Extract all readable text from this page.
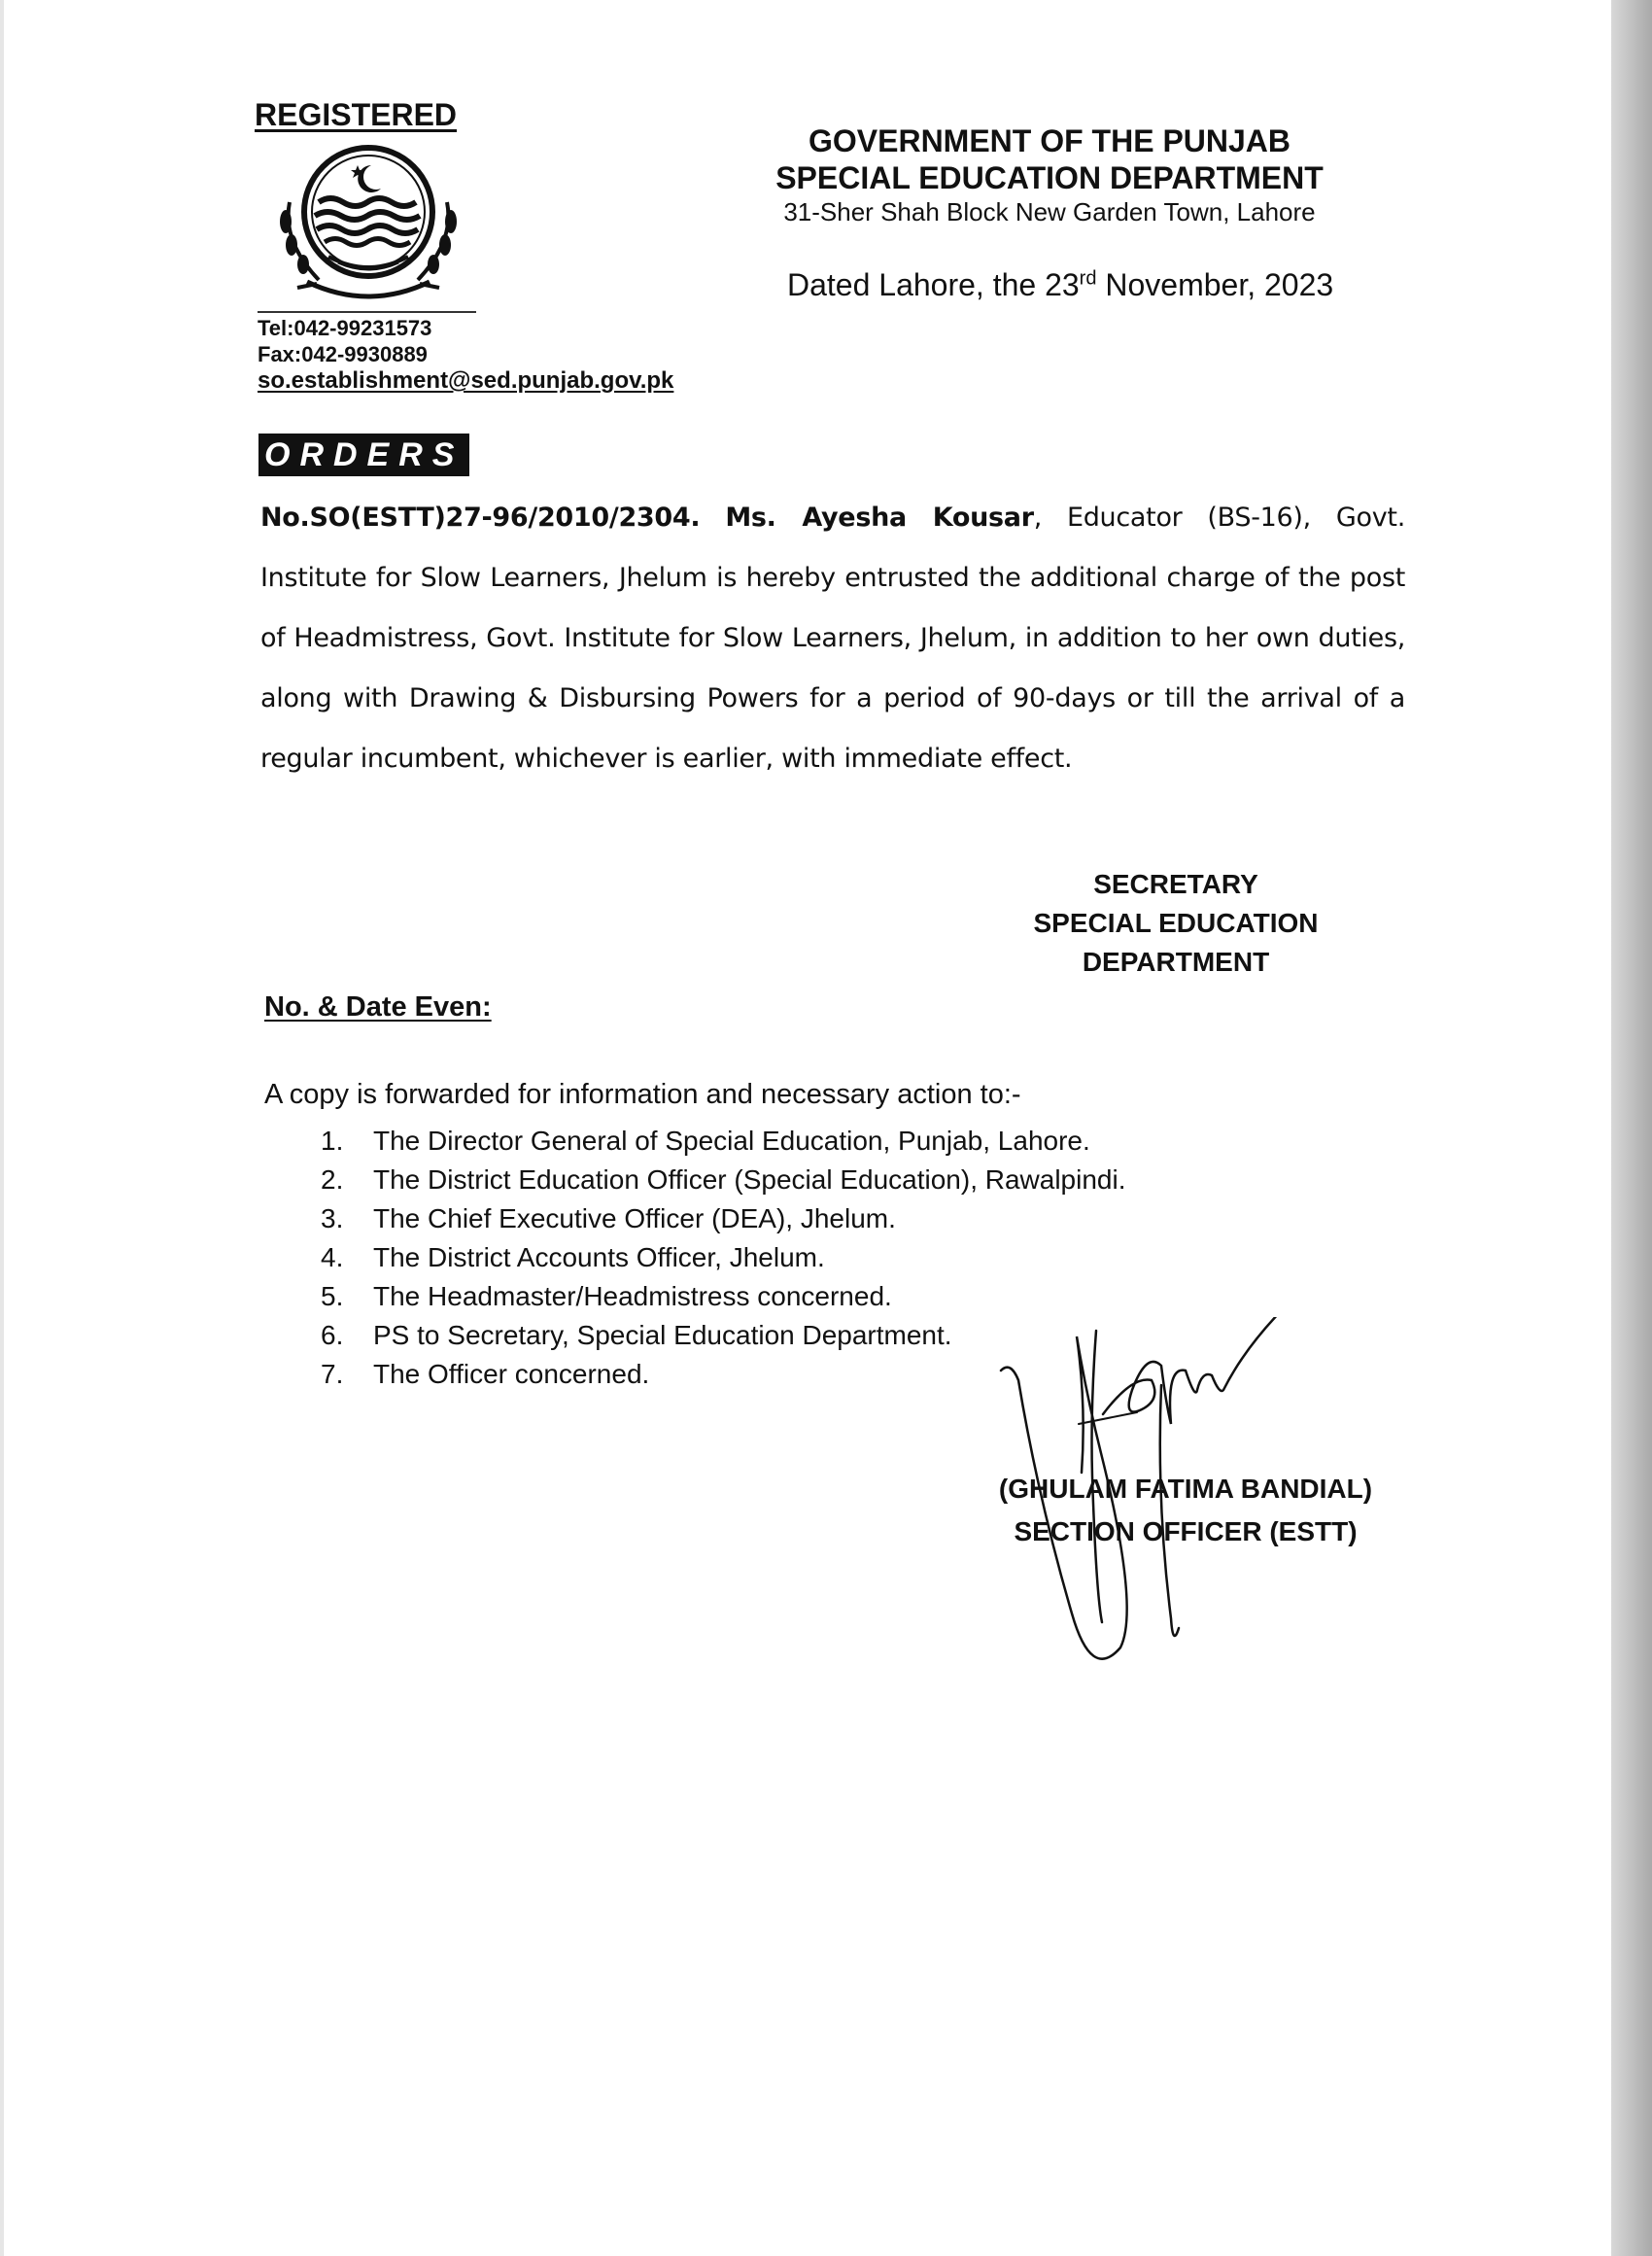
REGISTERED
Tel:042-99231573
Fax:042-9930889
so.establishment@sed.punjab.gov.pk
GOVERNMENT OF THE PUNJAB
SPECIAL EDUCATION DEPARTMENT
31-Sher Shah Block New Garden Town, Lahore
Dated Lahore, the 23rd November, 2023
ORDERS
No.SO(ESTT)27-96/2010/2304. Ms. Ayesha Kousar, Educator (BS-16), Govt. Institute for Slow Learners, Jhelum is hereby entrusted the additional charge of the post of Headmistress, Govt. Institute for Slow Learners, Jhelum, in addition to her own duties, along with Drawing & Disbursing Powers for a period of 90-days or till the arrival of a regular incumbent, whichever is earlier, with immediate effect.
SECRETARY
SPECIAL EDUCATION
DEPARTMENT
No. & Date Even:
A copy is forwarded for information and necessary action to:-
1.	The Director General of Special Education, Punjab, Lahore.
2.	The District Education Officer (Special Education), Rawalpindi.
3.	The Chief Executive Officer (DEA), Jhelum.
4.	The District Accounts Officer, Jhelum.
5.	The Headmaster/Headmistress concerned.
6.	PS to Secretary, Special Education Department.
7.	The Officer concerned.
(GHULAM FATIMA BANDIAL)
SECTION OFFICER (ESTT)
